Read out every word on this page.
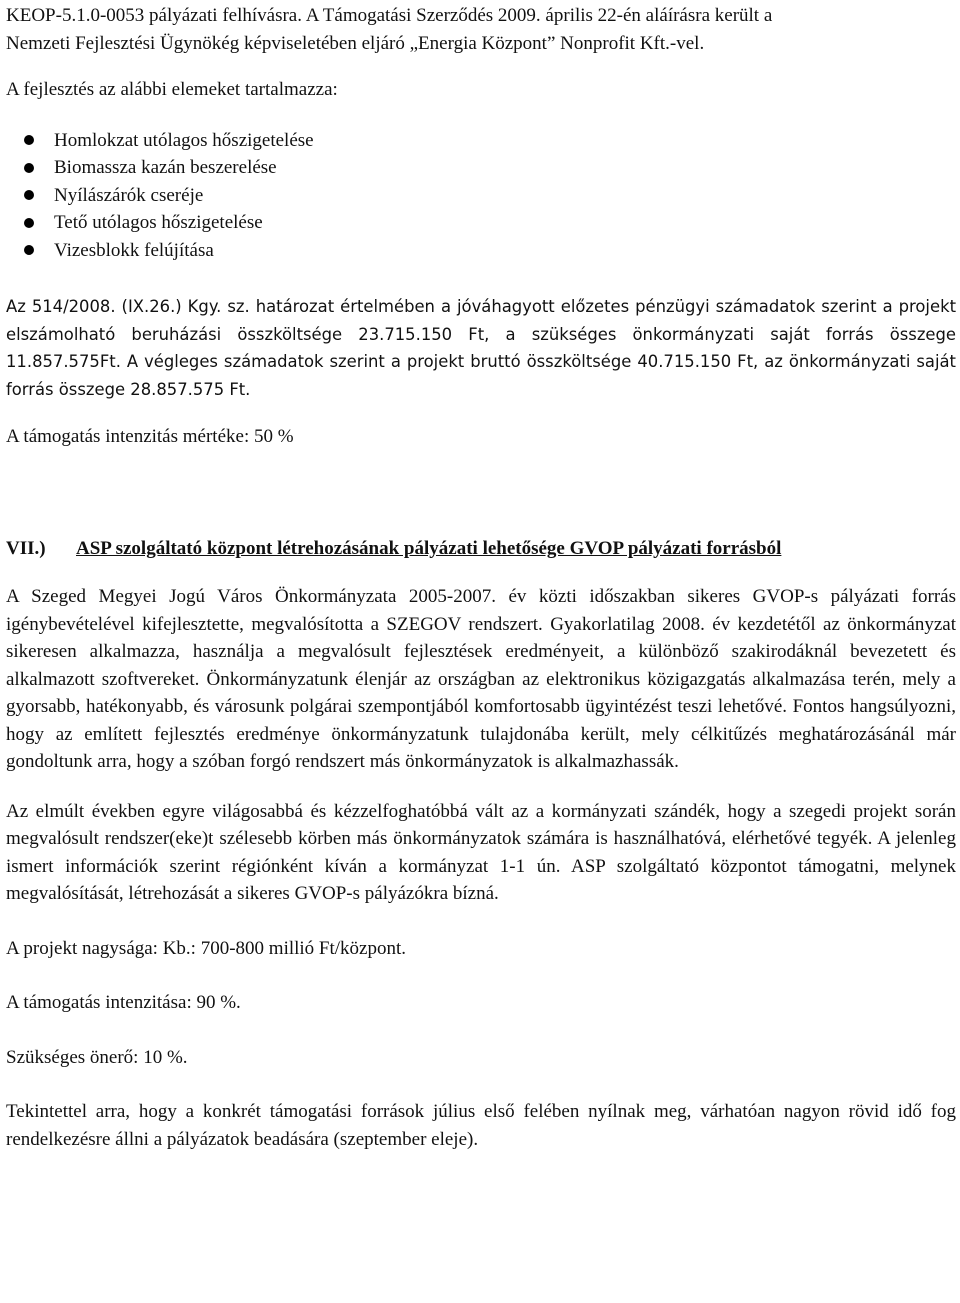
KEOP-5.1.0-0053 pályázati felhívásra. A Támogatási Szerződés 2009. április 22-én aláírásra került a
Nemzeti Fejlesztési Ügynökég képviseletében eljáró „Energia Központ” Nonprofit Kft.-vel.

A fejlesztés az alábbi elemeket tartalmazza:

Homlokzat utólagos hőszigetelése
Biomassza kazán beszerelése
Nyílászárók cseréje
Tető utólagos hőszigetelése
Vizesblokk felújítása

Az 514/2008. (IX.26.) Kgy. sz. határozat értelmében a jóváhagyott előzetes pénzügyi számadatok szerint a projekt elszámolható beruházási összköltsége 23.715.150 Ft, a szükséges önkormányzati saját forrás összege 11.857.575Ft. A végleges számadatok szerint a projekt bruttó összköltsége 40.715.150 Ft, az önkormányzati saját forrás összege 28.857.575 Ft.

A támogatás intenzitás mértéke: 50 %

VII.) ASP szolgáltató központ létrehozásának pályázati lehetősége GVOP pályázati forrásból

A Szeged Megyei Jogú Város Önkormányzata 2005-2007. év közti időszakban sikeres GVOP-s pályázati forrás igénybevételével kifejlesztette, megvalósította a SZEGOV rendszert. Gyakorlatilag 2008. év kezdetétől az önkormányzat sikeresen alkalmazza, használja a megvalósult fejlesztések eredményeit, a különböző szakirodáknál bevezetett és alkalmazott szoftvereket. Önkormányzatunk élenjár az országban az elektronikus közigazgatás alkalmazása terén, mely a gyorsabb, hatékonyabb, és városunk polgárai szempontjából komfortosabb ügyintézést teszi lehetővé. Fontos hangsúlyozni, hogy az említett fejlesztés eredménye önkormányzatunk tulajdonába került, mely célkitűzés meghatározásánál már gondoltunk arra, hogy a szóban forgó rendszert más önkormányzatok is alkalmazhassák.

Az elmúlt években egyre világosabbá és kézzelfoghatóbbá vált az a kormányzati szándék, hogy a szegedi projekt során megvalósult rendszer(eke)t szélesebb körben más önkormányzatok számára is használhatóvá, elérhetővé tegyék. A jelenleg ismert információk szerint régiónként kíván a kormányzat 1-1 ún. ASP szolgáltató központot támogatni, melynek megvalósítását, létrehozását a sikeres GVOP-s pályázókra bízná.

A projekt nagysága: Kb.: 700-800 millió Ft/központ.

A támogatás intenzitása: 90 %.

Szükséges önerő: 10 %.

Tekintettel arra, hogy a konkrét támogatási források július első felében nyílnak meg, várhatóan nagyon rövid idő fog rendelkezésre állni a pályázatok beadására (szeptember eleje).
